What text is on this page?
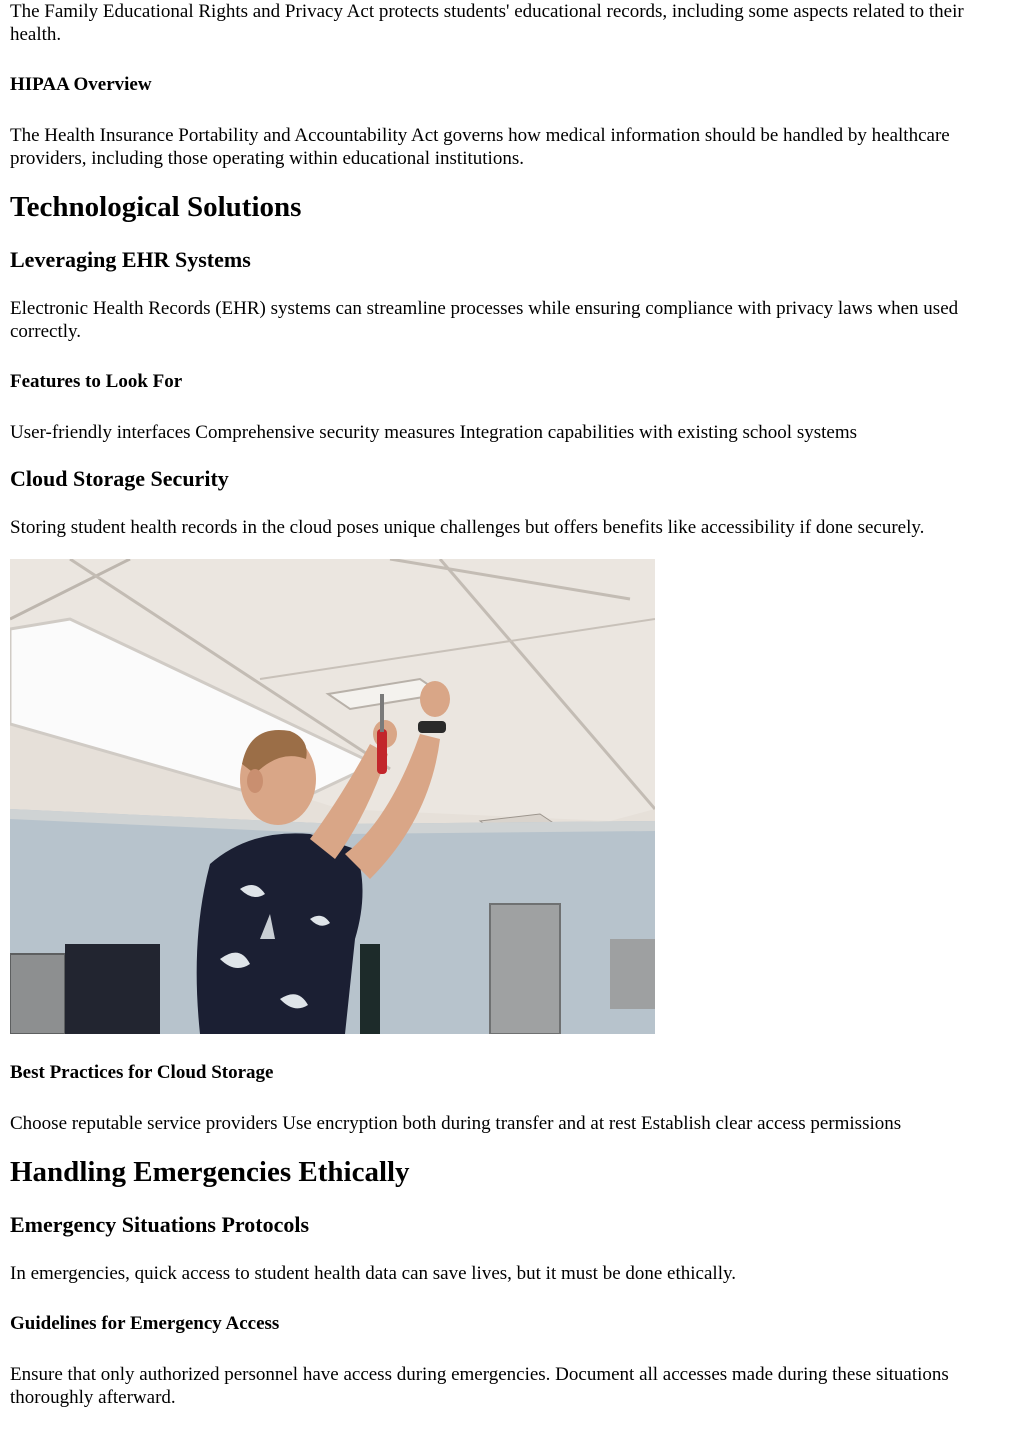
The Family Educational Rights and Privacy Act protects students' educational records, including some aspects related to their health.

HIPAA Overview

The Health Insurance Portability and Accountability Act governs how medical information should be handled by healthcare providers, including those operating within educational institutions.

Technological Solutions
Leveraging EHR Systems

Electronic Health Records (EHR) systems can streamline processes while ensuring compliance with privacy laws when used correctly.

Features to Look For

User-friendly interfaces Comprehensive security measures Integration capabilities with existing school systems

Cloud Storage Security

Storing student health records in the cloud poses unique challenges but offers benefits like accessibility if done securely.

Best Practices for Cloud Storage

Choose reputable service providers Use encryption both during transfer and at rest Establish clear access permissions

Handling Emergencies Ethically
Emergency Situations Protocols

In emergencies, quick access to student health data can save lives, but it must be done ethically.

Guidelines for Emergency Access

Ensure that only authorized personnel have access during emergencies. Document all accesses made during these situations thoroughly afterward.
